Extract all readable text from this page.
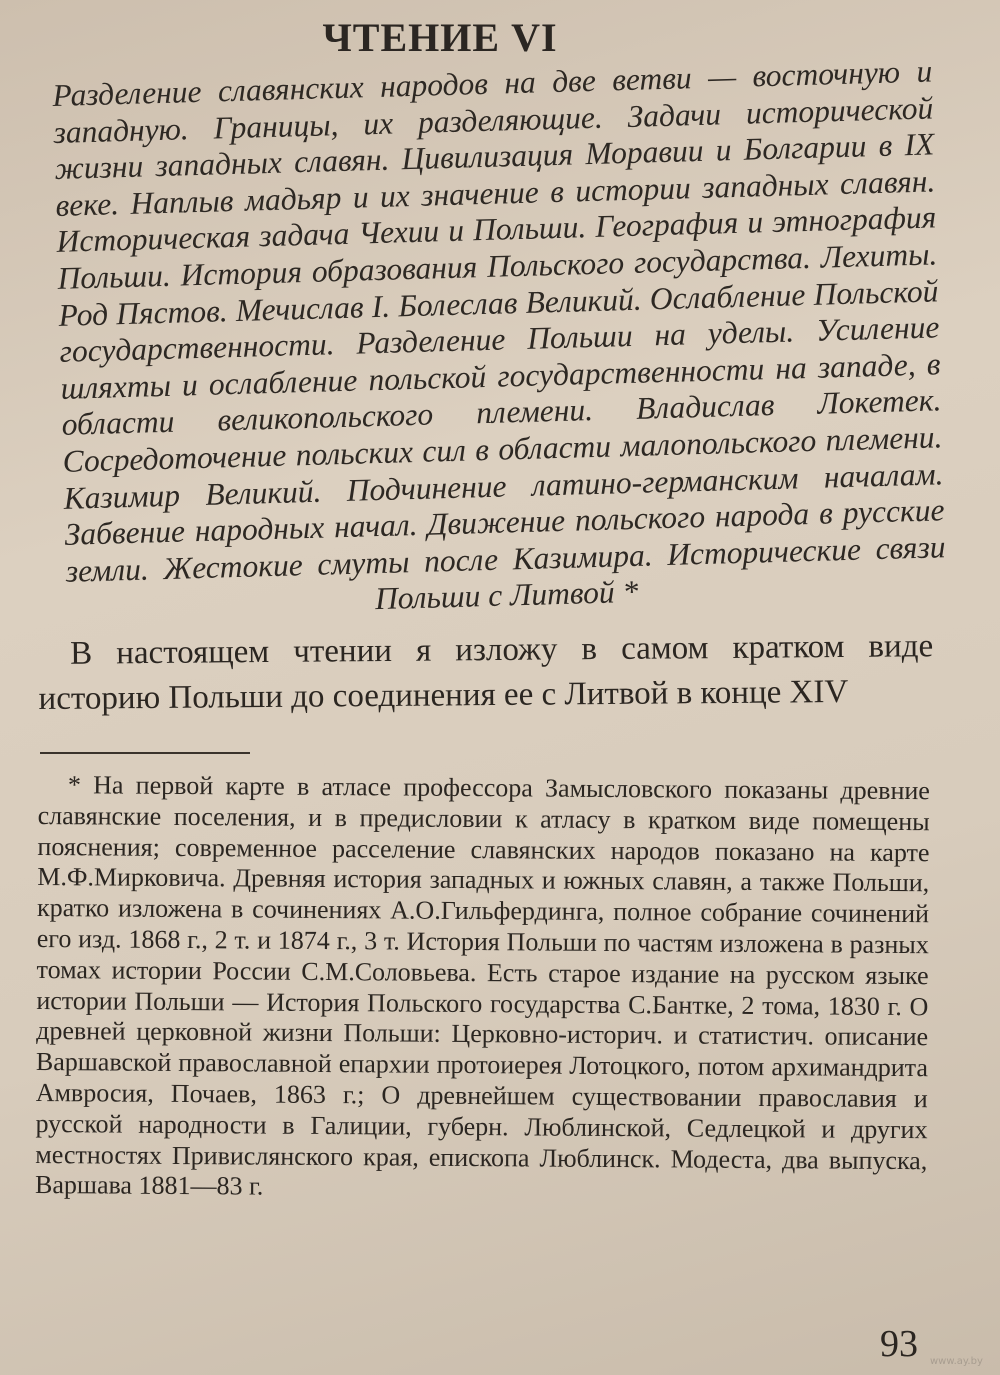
ЧТЕНИЕ VI
Разделение славянских народов на две ветви — восточную и западную. Границы, их разделяющие. Задачи исторической жизни западных славян. Цивилизация Моравии и Болгарии в IX веке. Наплыв мадьяр и их значение в истории западных славян. Историческая задача Чехии и Польши. География и этнография Польши. История образования Польского государства. Лехиты. Род Пястов. Мечислав I. Болеслав Великий. Ослабление Польской государственности. Разделение Польши на уделы. Усиление шляхты и ослабление польской государственности на западе, в области великопольского племени. Владислав Локетек. Сосредоточение польских сил в области малопольского племени. Казимир Великий. Подчинение латино-германским началам. Забвение народных начал. Движение польского народа в русские земли. Жестокие смуты после Казимира. Исторические связи Польши с Литвой *
В настоящем чтении я изложу в самом кратком виде историю Польши до соединения ее с Литвой в конце XIV
* На первой карте в атласе профессора Замысловского показаны древние славянские поселения, и в предисловии к атласу в кратком виде помещены пояснения; современное расселение славянских народов показано на карте М.Ф.Мирковича. Древняя история западных и южных славян, а также Польши, кратко изложена в сочинениях А.О.Гильфердинга, полное собрание сочинений его изд. 1868 г., 2 т. и 1874 г., 3 т. История Польши по частям изложена в разных томах истории России С.М.Соловьева. Есть старое издание на русском языке истории Польши — История Польского государства С.Бантке, 2 тома, 1830 г. О древней церковной жизни Польши: Церковно-историч. и статистич. описание Варшавской православной епархии протоиерея Лотоцкого, потом архимандрита Амвросия, Почаев, 1863 г.; О древнейшем существовании православия и русской народности в Галиции, губерн. Люблинской, Седлецкой и других местностях Привислянского края, епископа Люблинск. Модеста, два выпуска, Варшава 1881—83 г.
93 www.ay.by
